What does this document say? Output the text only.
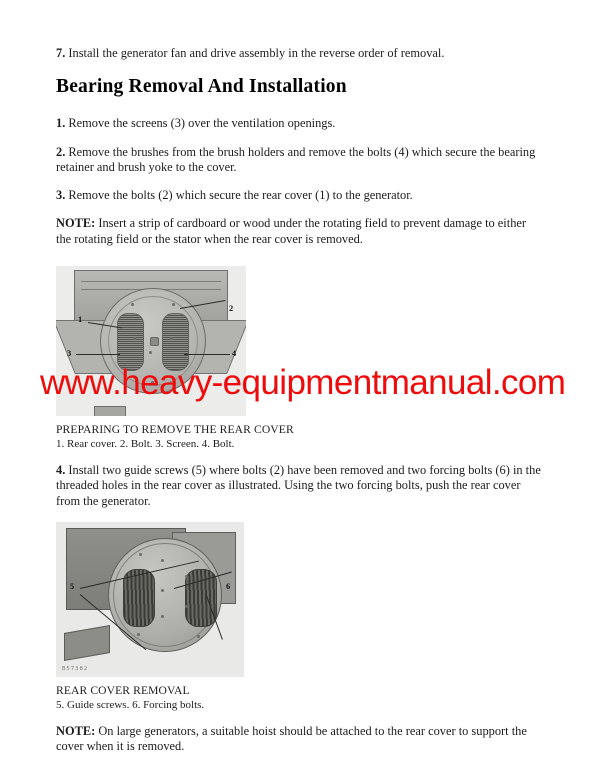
7. Install the generator fan and drive assembly in the reverse order of removal.

Bearing Removal And Installation

1. Remove the screens (3) over the ventilation openings.

2. Remove the brushes from the brush holders and remove the bolts (4) which secure the bearing retainer and brush yoke to the cover.

3. Remove the bolts (2) which secure the rear cover (1) to the generator.

NOTE: Insert a strip of cardboard or wood under the rotating field to prevent damage to either the rotating field or the stator when the rear cover is removed.

1
2
3	4
PREPARING TO REMOVE THE REAR COVER
1. Rear cover. 2. Bolt. 3. Screen. 4. Bolt.

4. Install two guide screws (5) where bolts (2) have been removed and two forcing bolts (6) in the threaded holes in the rear cover as illustrated. Using the two forcing bolts, push the rear cover from the generator.

5	6
B57382
REAR COVER REMOVAL
5. Guide screws. 6. Forcing bolts.

NOTE: On large generators, a suitable hoist should be attached to the rear cover to support the cover when it is removed.

www.heavy-equipmentmanual.com
